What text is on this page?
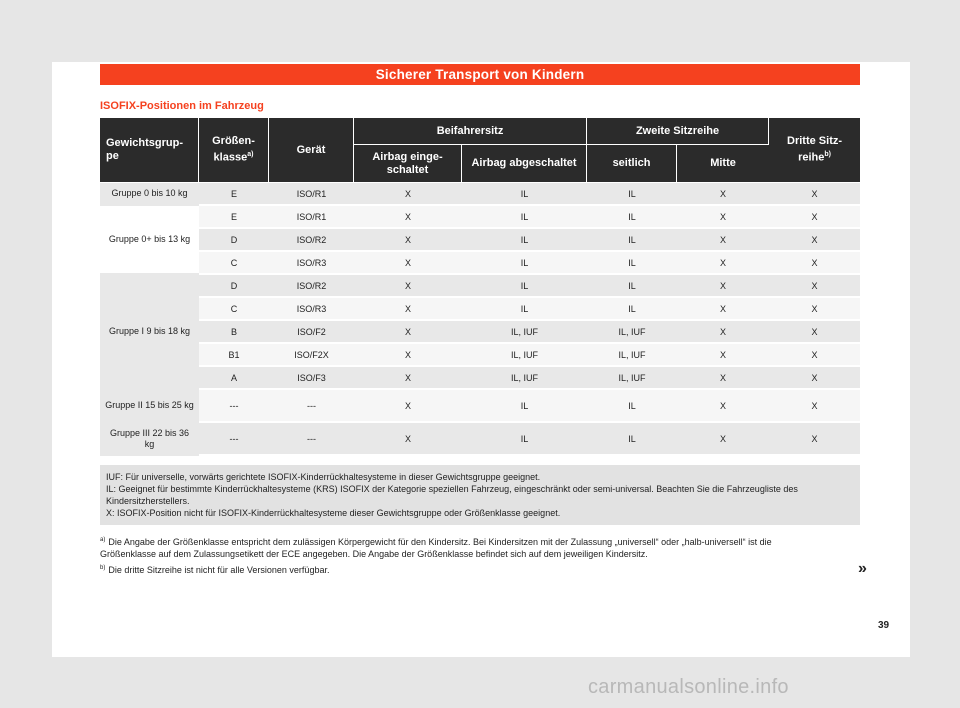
Sicherer Transport von Kindern
ISOFIX-Positionen im Fahrzeug
Gewichtsgrup-pe	Größen-klasse$^{a)}$	Gerät	Beifahrersitz		Zweite Sitzreihe		Dritte Sitz-reihe$^{b)}$
			Airbag einge-schaltet	Airbag abgeschaltet	seitlich	Mitte	
Gruppe 0 bis 10 kg	E	ISO/R1	X	IL	IL	X	X
Gruppe 0+ bis 13 kg	E	ISO/R1	X	IL	IL	X	X
	D	ISO/R2	X	IL	IL	X	X
	C	ISO/R3	X	IL	IL	X	X
Gruppe I 9 bis 18 kg	D	ISO/R2	X	IL	IL	X	X
	C	ISO/R3	X	IL	IL	X	X
	B	ISO/F2	X	IL, IUF	IL, IUF	X	X
	B1	ISO/F2X	X	IL, IUF	IL, IUF	X	X
	A	ISO/F3	X	IL, IUF	IL, IUF	X	X
Gruppe II 15 bis 25 kg	---	---	X	IL	IL	X	X
Gruppe III 22 bis 36 kg	---	---	X	IL	IL	X	X
IUF: Für universelle, vorwärts gerichtete ISOFIX-Kinderrückhaltesysteme in dieser Gewichtsgruppe geeignet.
IL: Geeignet für bestimmte Kinderrückhaltesysteme (KRS) ISOFIX der Kategorie speziellen Fahrzeug, eingeschränkt oder semi-universal. Beachten Sie die Fahrzeugliste des
Kindersitzherstellers.
X: ISOFIX-Position nicht für ISOFIX-Kinderrückhaltesysteme dieser Gewichtsgruppe oder Größenklasse geeignet.
$^{a)}$ Die Angabe der Größenklasse entspricht dem zulässigen Körpergewicht für den Kindersitz. Bei Kindersitzen mit der Zulassung „universell“ oder „halb-universell“ ist die
Größenklasse auf dem Zulassungsetikett der ECE angegeben. Die Angabe der Größenklasse befindet sich auf dem jeweiligen Kindersitz.
$^{b)}$ Die dritte Sitzreihe ist nicht für alle Versionen verfügbar.	»
39
carmanualsonline.info
